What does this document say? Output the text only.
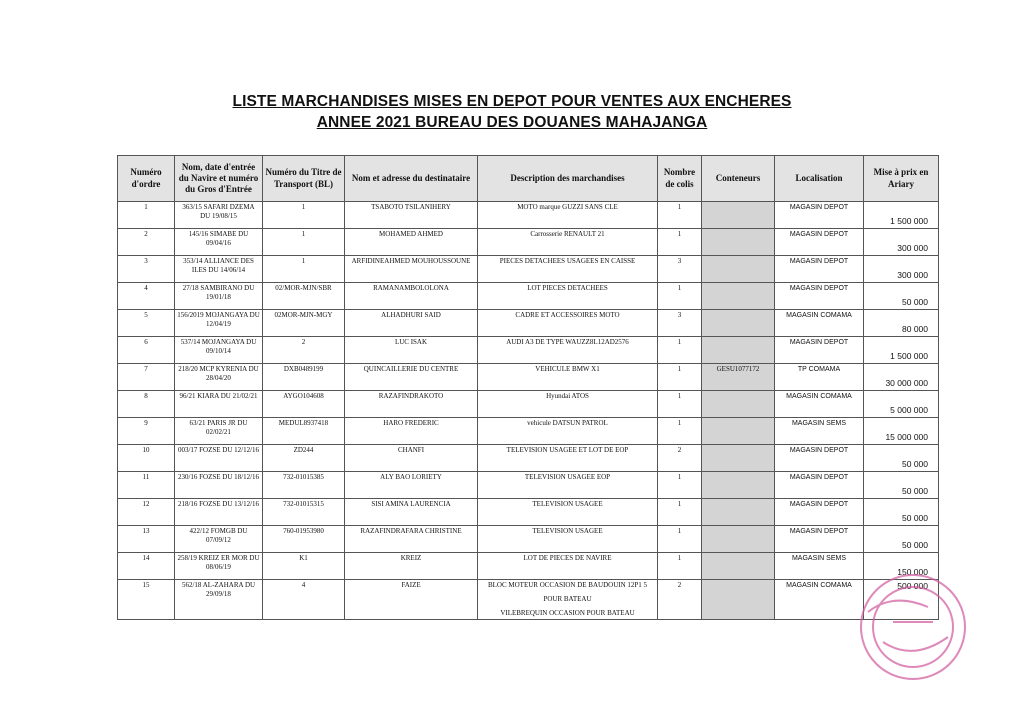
LISTE MARCHANDISES MISES EN DEPOT POUR VENTES AUX ENCHERES
ANNEE 2021 BUREAU DES DOUANES MAHAJANGA
Numéro d'ordre	Nom, date d'entrée du Navire et numéro du Gros d'Entrée	Numéro du Titre de Transport (BL)	Nom et adresse du destinataire	Description des marchandises	Nombre de colis	Conteneurs	Localisation	Mise à prix en Ariary
1	363/15 SAFARI DZEMA DU 19/08/15	1	TSABOTO TSILANIHERY	MOTO marque GUZZI SANS CLE	1		MAGASIN DEPOT	1 500 000
2	145/16 SIMABE DU 09/04/16	1	MOHAMED AHMED	Carrosserie RENAULT 21	1		MAGASIN DEPOT	300 000
3	353/14 ALLIANCE DES ILES DU 14/06/14	1	ARFIDINEAHMED MOUHOUSSOUNE	PIECES DETACHEES USAGEES EN CAISSE	3		MAGASIN DEPOT	300 000
4	27/18 SAMBIRANO DU 19/01/18	02/MOR-MJN/SBR	RAMANAMBOLOLONA	LOT PIECES DETACHEES	1		MAGASIN DEPOT	50 000
5	156/2019 MOJANGAYA DU 12/04/19	02MOR-MJN-MGY	ALHADHURI SAID	CADRE ET ACCESSOIRES MOTO	3		MAGASIN COMAMA	80 000
6	537/14 MOJANGAYA DU 09/10/14	2	LUC ISAK	AUDI A3 DE TYPE WAUZZ8L12AD2576	1		MAGASIN DEPOT	1 500 000
7	218/20 MCP KYRENIA DU 28/04/20	DXB0489199	QUINCAILLERIE DU CENTRE	VEHICULE BMW X1	1	GESU1077172	TP COMAMA	30 000 000
8	96/21 KIARA DU 21/02/21	AYGO104608	RAZAFINDRAKOTO	Hyundai ATOS	1		MAGASIN COMAMA	5 000 000
9	63/21 PARIS JR DU 02/02/21	MEDUL8937418	HARO FREDERIC	vehicule DATSUN PATROL	1		MAGASIN SEMS	15 000 000
10	003/17 FOZSE DU 12/12/16	ZD244	CHANFI	TELEVISION USAGEE ET LOT DE EOP	2		MAGASIN DEPOT	50 000
11	230/16 FOZSE DU 18/12/16	732-01015385	ALY BAO LORIETY	TELEVISION USAGEE EOP	1		MAGASIN DEPOT	50 000
12	218/16 FOZSE DU 13/12/16	732-01015315	SISI AMINA LAURENCIA	TELEVISION USAGEE	1		MAGASIN DEPOT	50 000
13	422/12 FOMGB DU 07/09/12	760-01953980	RAZAFINDRAFARA CHRISTINE	TELEVISION USAGEE	1		MAGASIN DEPOT	50 000
14	258/19 KREIZ ER MOR DU 08/06/19	K1	KREIZ	LOT DE PIECES DE NAVIRE	1		MAGASIN SEMS	150 000
15	562/18 AL-ZAHARA DU 29/09/18	4	FAIZE	BLOC MOTEUR OCCASION DE BAUDOUIN 12P1 5
POUR BATEAU
VILEBREQUIN OCCASION POUR BATEAU	2		MAGASIN COMAMA	500 000
